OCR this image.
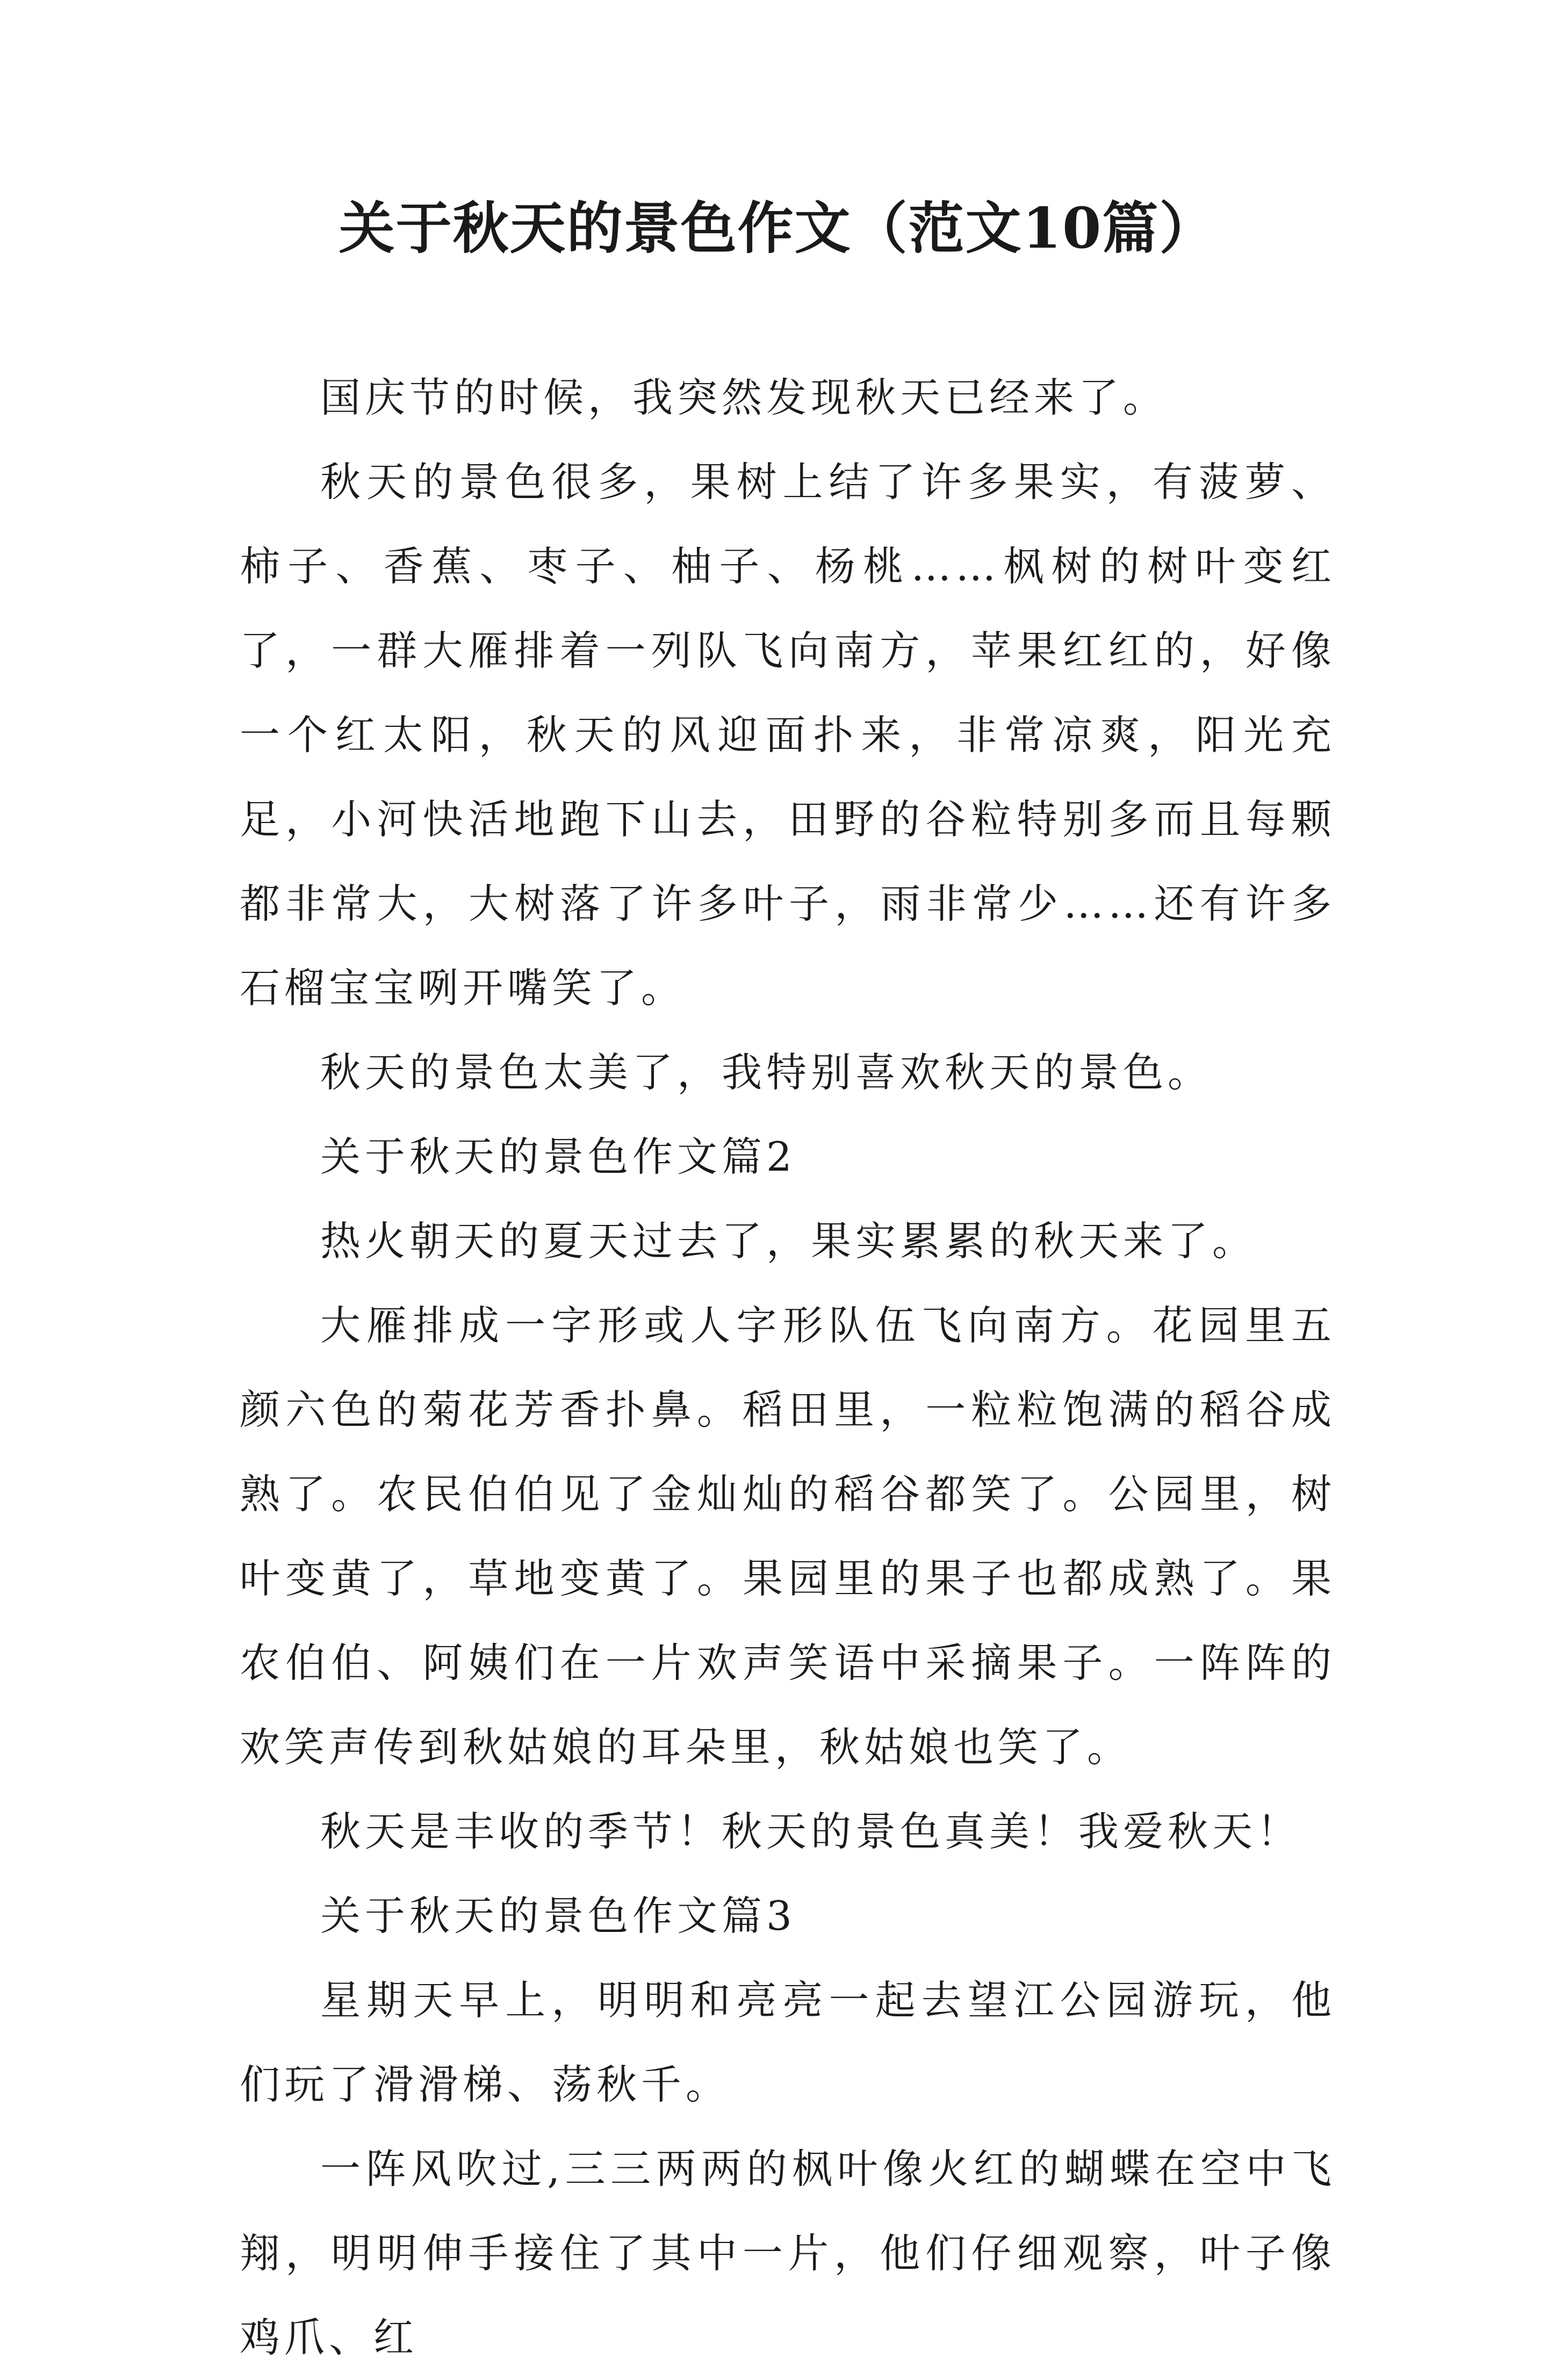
关于秋天的景色作文（范文10篇）

国庆节的时候，我突然发现秋天已经来了。

秋天的景色很多，果树上结了许多果实，有菠萝、柿子、香蕉、枣子、柚子、杨桃……枫树的树叶变红了，一群大雁排着一列队飞向南方，苹果红红的，好像一个红太阳，秋天的风迎面扑来，非常凉爽，阳光充足，小河快活地跑下山去，田野的谷粒特别多而且每颗都非常大，大树落了许多叶子，雨非常少……还有许多石榴宝宝咧开嘴笑了。

秋天的景色太美了，我特别喜欢秋天的景色。

关于秋天的景色作文篇2

热火朝天的夏天过去了，果实累累的秋天来了。

大雁排成一字形或人字形队伍飞向南方。花园里五颜六色的菊花芳香扑鼻。稻田里，一粒粒饱满的稻谷成熟了。农民伯伯见了金灿灿的稻谷都笑了。公园里，树叶变黄了，草地变黄了。果园里的果子也都成熟了。果农伯伯、阿姨们在一片欢声笑语中采摘果子。一阵阵的欢笑声传到秋姑娘的耳朵里，秋姑娘也笑了。

秋天是丰收的季节！秋天的景色真美！我爱秋天！

关于秋天的景色作文篇3

星期天早上，明明和亮亮一起去望江公园游玩，他们玩了滑滑梯、荡秋千。

一阵风吹过,三三两两的枫叶像火红的蝴蝶在空中飞翔，明明伸手接住了其中一片，他们仔细观察，叶子像鸡爪、红
